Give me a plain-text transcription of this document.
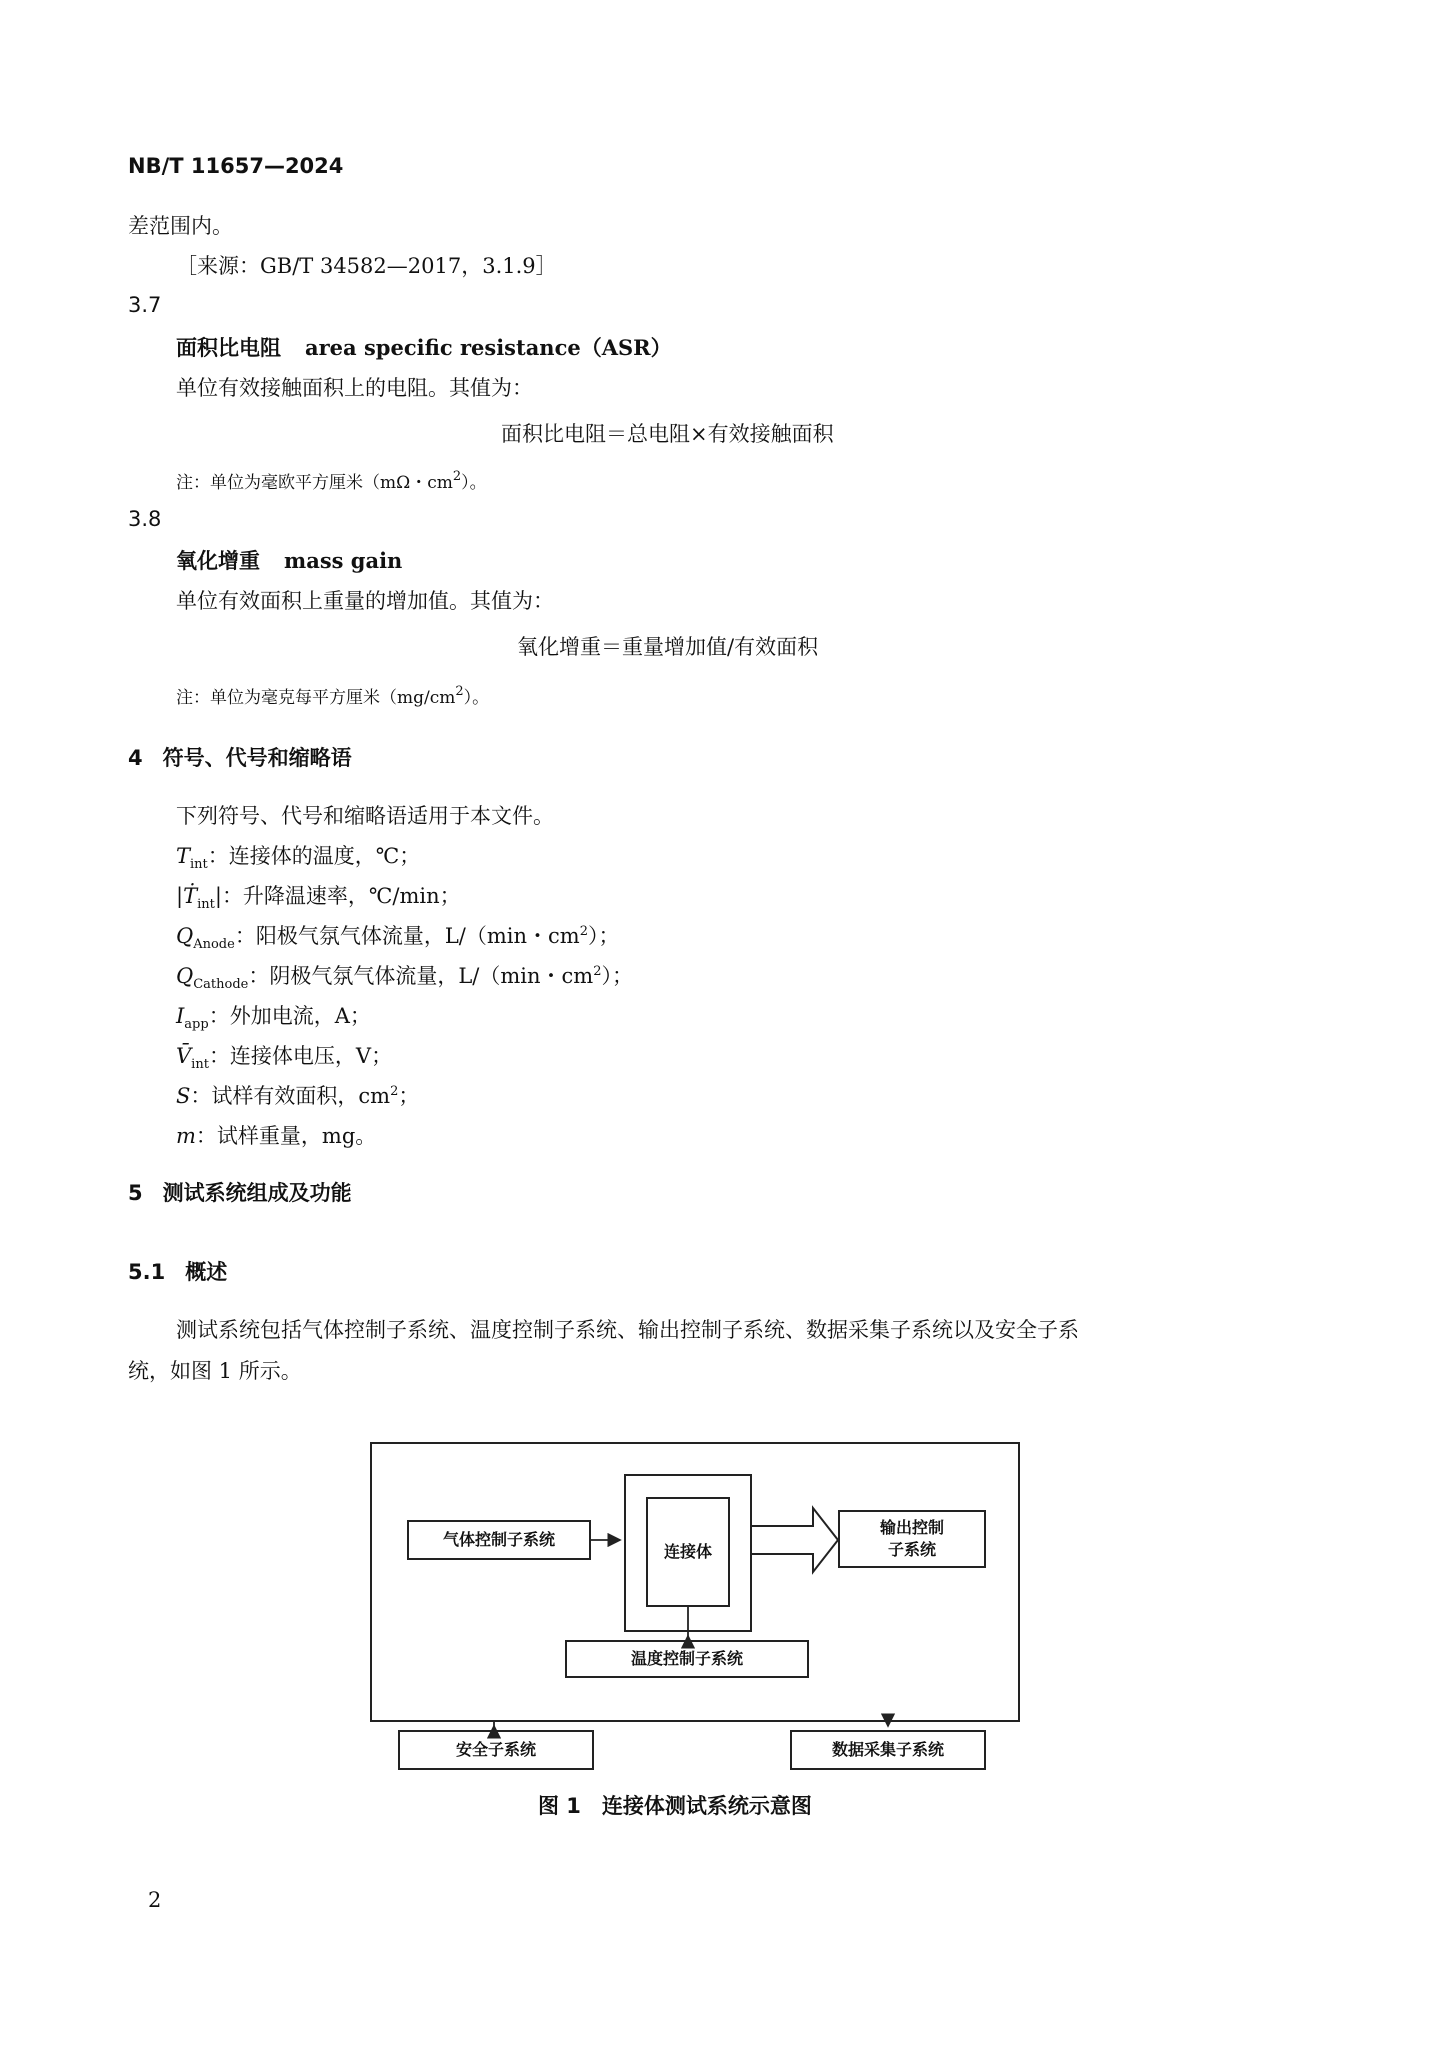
NB/T 11657—2024
差范围内。
［来源：GB/T 34582—2017，3.1.9］
3.7
面积比电阻 area specific resistance（ASR）
单位有效接触面积上的电阻。其值为：
面积比电阻＝总电阻×有效接触面积
注：单位为毫欧平方厘米（mΩ・$cm^2$）。
3.8
氧化增重 mass gain
单位有效面积上重量的增加值。其值为：
氧化增重＝重量增加值/有效面积
注：单位为毫克每平方厘米$(mg/cm^2)$。
4 符号、代号和缩略语
下列符号、代号和缩略语适用于本文件。
$T_{int}$：连接体的温度，℃；
|Ṫ$_{int}$|：升降温速率，℃/min；
$Q_{Anode}$：阳极气氛气体流量，L/（min・$cm^2$）；
$Q_{Cathode}$：阴极气氛气体流量，L/（min・$cm^2$）；
$I_{app}$：外加电流，A；
$V̄_{int}$：连接体电压，V；
S：试样有效面积，$cm^2$；
m：试样重量，mg。
5 测试系统组成及功能
5.1 概述
测试系统包括气体控制子系统、温度控制子系统、输出控制子系统、数据采集子系统以及安全子系
统，如图 1 所示。
气体控制子系统
连接体
输出控制
子系统
温度控制子系统
安全子系统	数据采集子系统
图 1　连接体测试系统示意图
2
